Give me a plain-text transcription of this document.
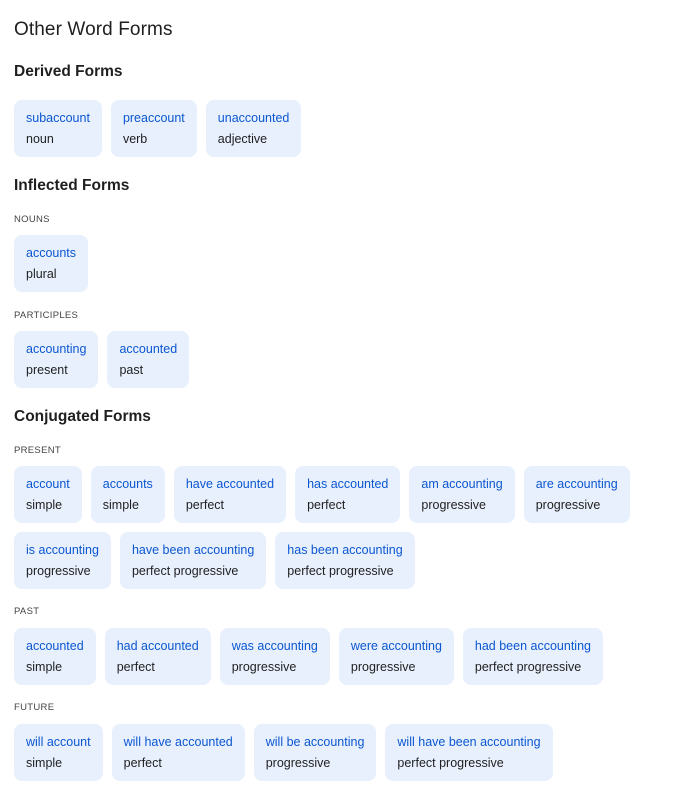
Other Word Forms
Derived Forms
subaccount
noun
preaccount
verb
unaccounted
adjective
Inflected Forms
NOUNS
accounts
plural
PARTICIPLES
accounting
present
accounted
past
Conjugated Forms
PRESENT
account
simple
accounts
simple
have accounted
perfect
has accounted
perfect
am accounting
progressive
are accounting
progressive
is accounting
progressive
have been accounting
perfect progressive
has been accounting
perfect progressive
PAST
accounted
simple
had accounted
perfect
was accounting
progressive
were accounting
progressive
had been accounting
perfect progressive
FUTURE
will account
simple
will have accounted
perfect
will be accounting
progressive
will have been accounting
perfect progressive
